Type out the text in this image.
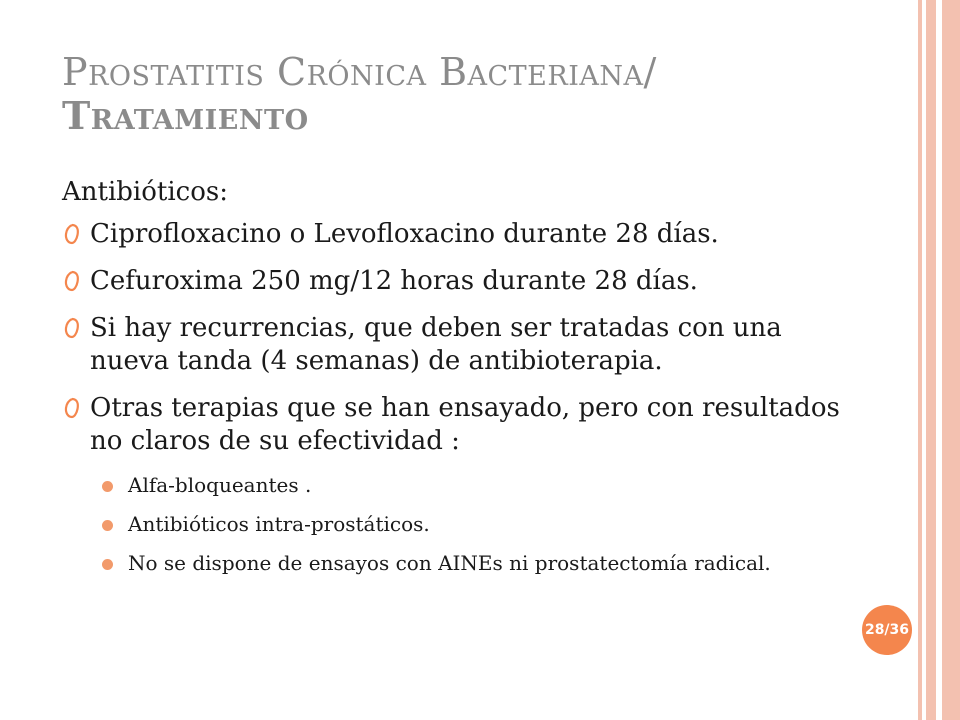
Prostatitis Crónica Bacteriana/
Tratamiento
Antibióticos:
Ciprofloxacino o Levofloxacino durante 28 días.
Cefuroxima 250 mg/12 horas durante 28 días.
Si hay recurrencias, que deben ser tratadas con una nueva tanda (4 semanas) de antibioterapia.
Otras terapias que se han ensayado, pero con resultados no claros de su efectividad :
Alfa-bloqueantes .
Antibióticos intra-prostáticos.
No se dispone de ensayos con AINEs ni prostatectomía radical.
28/36
